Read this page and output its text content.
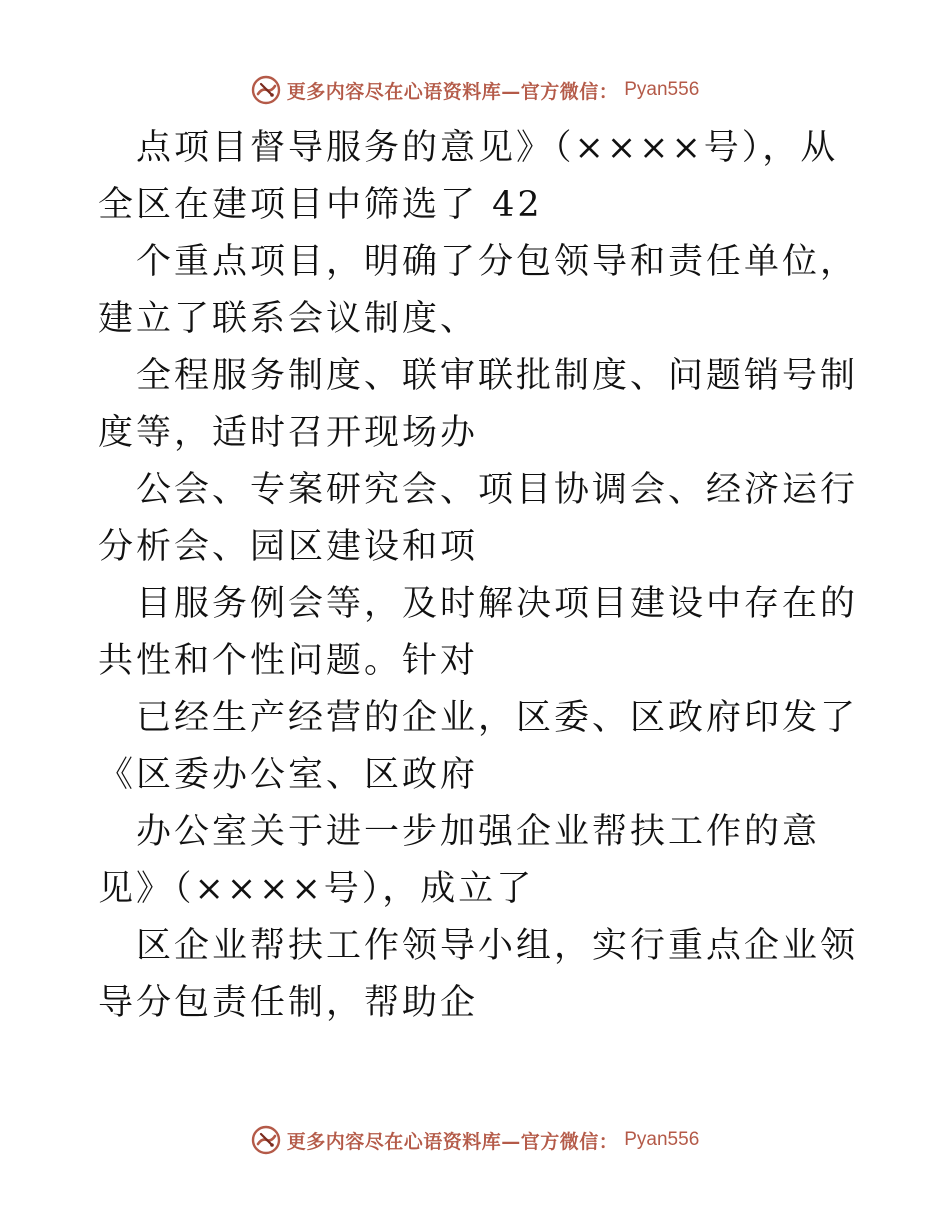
更多内容尽在心语资料库—官方微信： Pyan556

点项目督导服务的意见》（××××号），从全区在建项目中筛选了 42

个重点项目，明确了分包领导和责任单位，建立了联系会议制度、

全程服务制度、联审联批制度、问题销号制度等，适时召开现场办

公会、专案研究会、项目协调会、经济运行分析会、园区建设和项

目服务例会等，及时解决项目建设中存在的共性和个性问题。针对

已经生产经营的企业，区委、区政府印发了《区委办公室、区政府

办公室关于进一步加强企业帮扶工作的意见》（××××号），成立了

区企业帮扶工作领导小组，实行重点企业领导分包责任制，帮助企

更多内容尽在心语资料库—官方微信： Pyan556
